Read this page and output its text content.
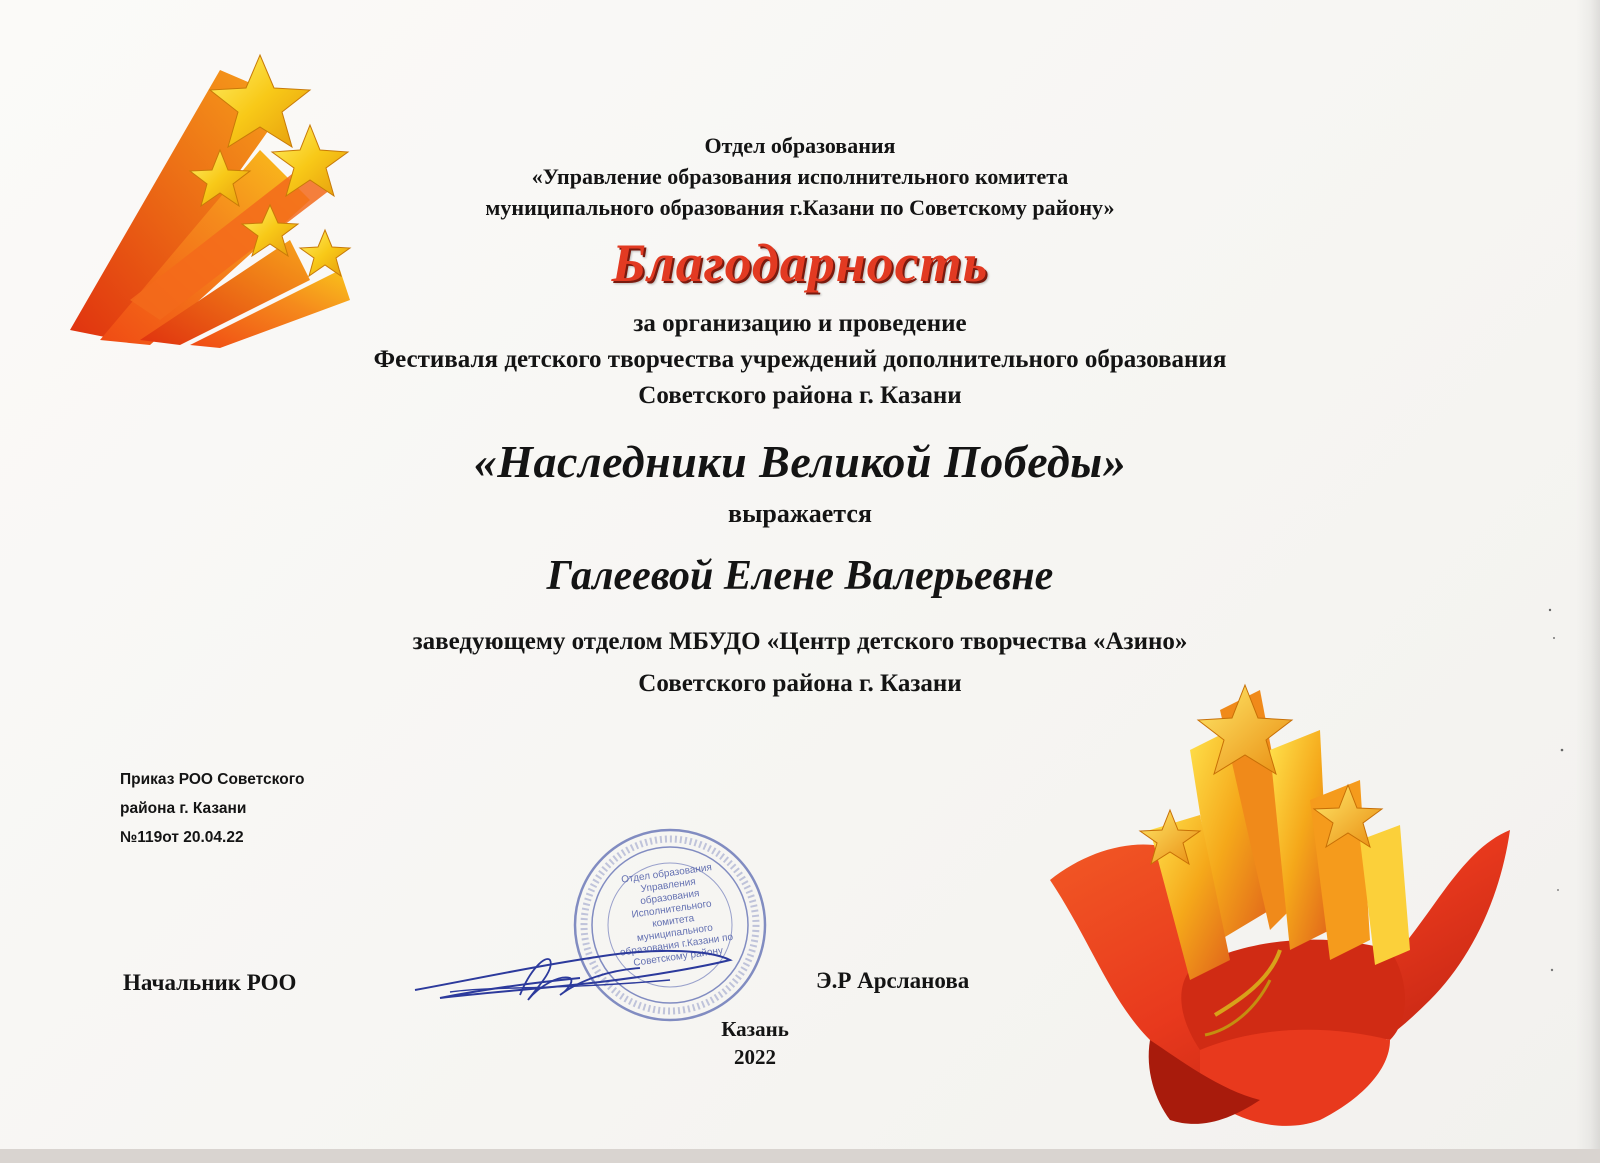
Отдел образования
«Управление образования исполнительного комитета
муниципального образования г.Казани по Советскому району»
Благодарность
за организацию и проведение
Фестиваля детского творчества учреждений дополнительного образования
Советского района г. Казани
«Наследники Великой Победы»
выражается
Галеевой Елене Валерьевне
заведующему отделом МБУДО «Центр детского творчества «Азино»
Советского района г. Казани
Приказ РОО Советского
района г. Казани
№119от 20.04.22
Отдел образования Управления образования Исполнительного комитета муниципального образования г.Казани по Советскому району
Начальник РОО	Э.Р Арсланова
Казань
2022
